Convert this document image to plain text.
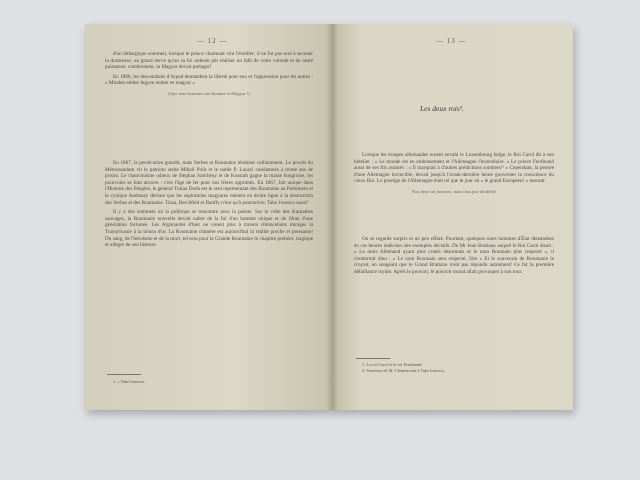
— 12 —

d'un léthargique sommeil, lorsque le prince charmant vint l'éveiller; il ne fut pas seul à secouer la dormeuse; un grand nerve qu'on sa foi ardente pût réaliser un fallt de votre volonté et de notre puissance, combrement, la Magyar devait partager!

En 1866, les descendants d'Arpad demandent la liberté pour eux et l'oppression pour les autres : « Minden ember legyen ember es magyar »

(Que tous hommes soit homme et Magyar !)

En 1867, la persécution grandit, mais Serbes et Roumains résistent vaillamment. Le procès du Mémorandum vit le patriote serbe Mihail Polit et le noble P. Lucaci condamnés à trente ans de prison. Le chauvinisme odieux de Stephan Széchény et de Kossuth gagne la masse hongroise, les pourvoies se font atroces : c'est l'âge de fer pour nos frères opprimés. En 1867, fait unique dans l'Histoire des Peuples, le général Traian Doda est le seul représentant des Roumains au Parlement et le cynique Andrassy déclare que les aspirations magyares mènent en droite ligne à la destruction des Serbes et des Roumains. Tisza, Berchfeld et Banffy n'ont qu'à poursuivre; Take Jonescu aussi!

Il y a des sommets où la politique se rencontre avec la poésie. Sur la crête des Karpathes sauvages, la Roumanie nouvelle devait naître de la foi d'un homme unique et de l'élan d'une génération fortunée. Les Argonautes d'hier ne voient plus à travers d'étincelants mirages la Transylvanie à la toison d'or. La Roumaine chimère est aujourd'hui la réalité proche et pressante! Du sang, de l'héroïsme et de la mort, tel sera pour la Grande Roumanie le chapitre premier, tragique et allègre de son histoire.

1. « Take Ionescu.
— 13 —
Les deux rois¹.

Lorsque les troupes allemandes eurent envahi le Luxembourg belge, le Roi Carol dit à son hôtelier : « Le monde est en embrasement et l'Allemagne l'incendiaire. » Le prince Ferdinand aussi de ses fils assistés : « Il marquait à d'autres prédictions sombres!¹ » Cependant, la pensée d'une Allemagne invincible, devait jusqu'à l'avant-dernière heure gouverner la conscience du vieux Roi. Le prestige de l'Allemagne était tel que le jour où « le grand Européen! » mourut.

Nos deux toi fonciers, mais tous por infidélité

On se regarde surpris et un peu effaré. Pourtant, quelques rares hommes d'État demandent en ces heures indécises des exemples décisifs. De Mr Jean Bratiano auquel le Roi Carol disait : « Le mois Allemand ayant plus cruels désormais et le nom Roumain plus respecté », il s'endormit dieu : « Le nom Roumain sera respecté, Sire » Et le souverain de Roumanie le croyait, en songeant que le Grand Bratiano n'eût pas répondu autrement! Ce fut la première défaillance royale. Après le pouvoir, le pouvoir moral allait provoquer à son tour.

1. Le roi Carol et le roi Ferdinand.
2. Souvenir de M. Clemenceau à Take Ionescu.
